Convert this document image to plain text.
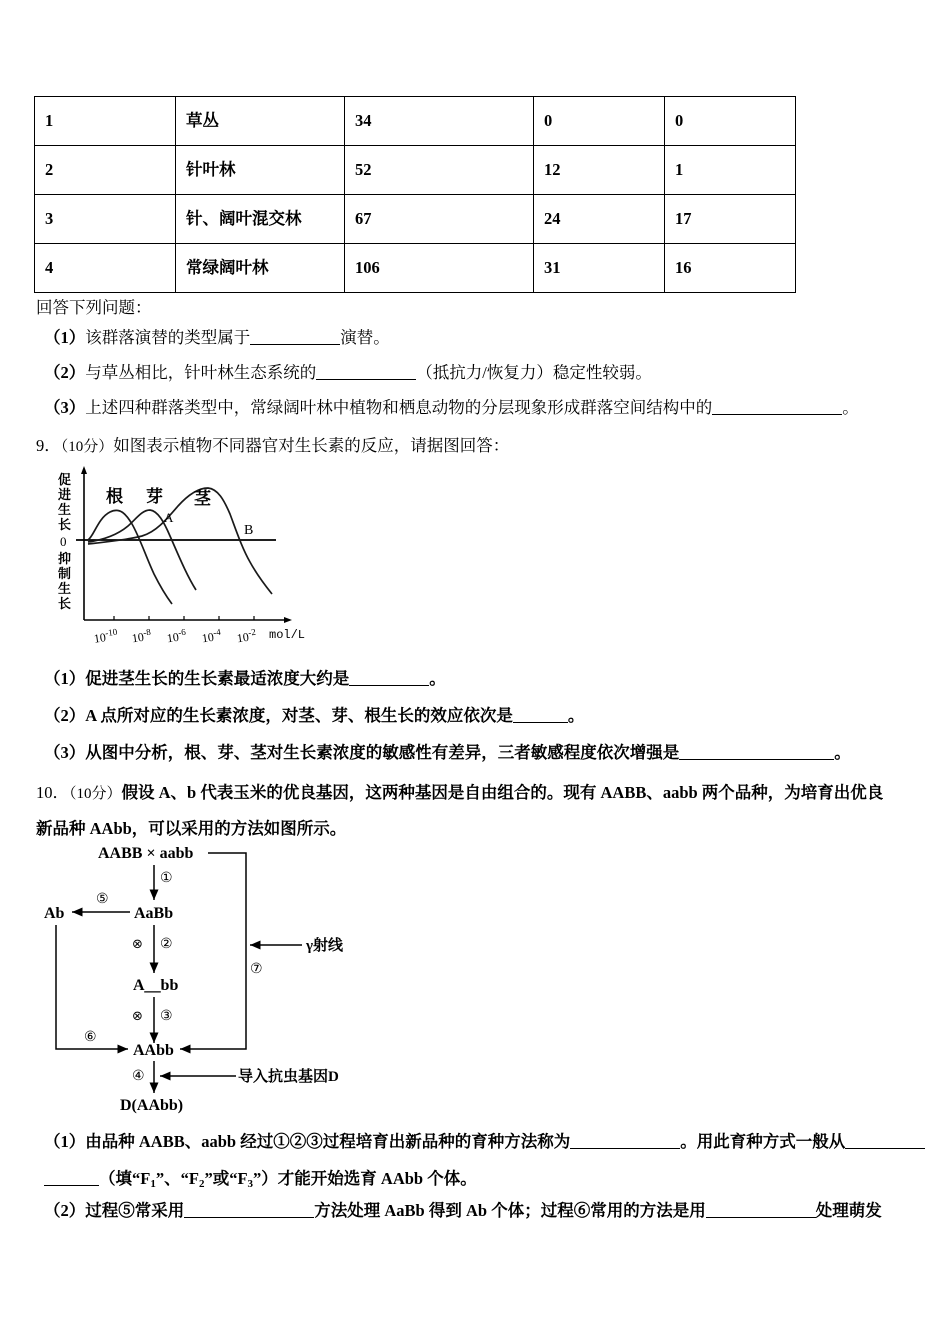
1	草丛	34	0	0
2	针叶林	52	12	1
3	针、阔叶混交林	67	24	17
4	常绿阔叶林	106	31	16
回答下列问题：
（1）该群落演替的类型属于	演替。
（2）与草丛相比，针叶林生态系统的	（抵抗力/恢复力）稳定性较弱。
（3）上述四种群落类型中，常绿阔叶林中植物和栖息动物的分层现象形成群落空间结构中的	。
9．（10分）如图表示植物不同器官对生长素的反应，请据图回答：
根 芽 茎
A
B
促
进
生
长
0
抑
制
生
长
$10^{-10}$ $10^{-8}$ $10^{-6}$ $10^{-4}$ $10^{-2}$ mol/L
（1）促进茎生长的生长素最适浓度大约是	。
（2）A 点所对应的生长素浓度，对茎、芽、根生长的效应依次是	。
（3）从图中分析，根、芽、茎对生长素浓度的敏感性有差异，三者敏感程度依次增强是	。
10．（10分）假设 A、b 代表玉米的优良基因，这两种基因是自由组合的。现有 AABB、aabb 两个品种，为培育出优良
新品种 AAbb，可以采用的方法如图所示。
AABB × aabb
①
AaBb
⑤
Ab
②
⊗
A＿bb
③
⊗
AAbb
⑥
⑦
γ射线
④	导入抗虫基因D
D(AAbb)
（1）由品种 AABB、aabb 经过①②③过程培育出新品种的育种方法称为	。用此育种方式一般从
（填“$F_1$”、“$F_2$”或“$F_3$”）才能开始选育 AAbb 个体。
（2）过程⑤常采用	方法处理 AaBb 得到 Ab 个体；过程⑥常用的方法是用	处理萌发
